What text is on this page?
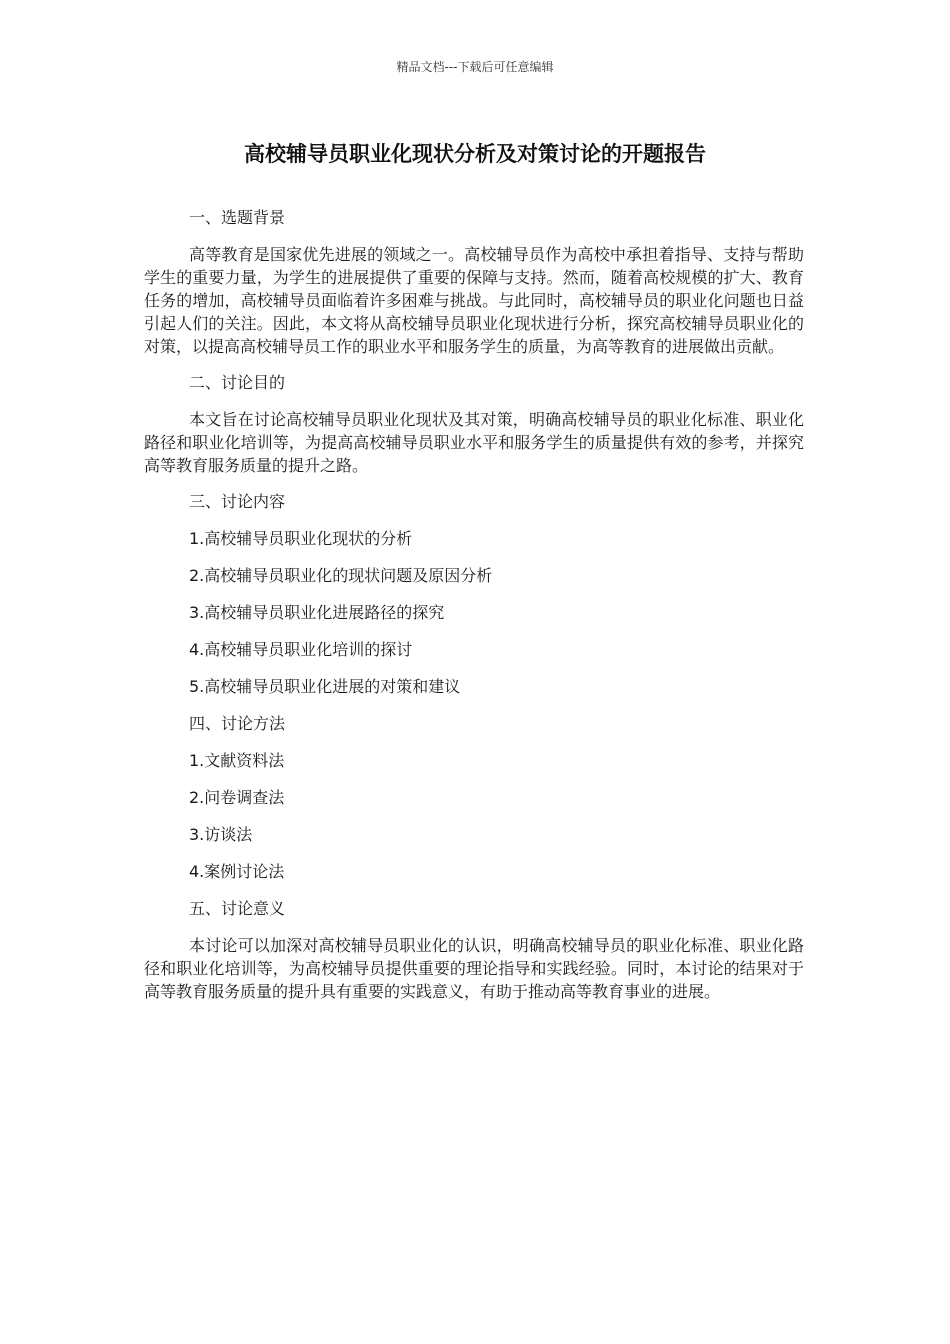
精品文档---下载后可任意编辑
高校辅导员职业化现状分析及对策讨论的开题报告

一、选题背景

高等教育是国家优先进展的领域之一。高校辅导员作为高校中承担着指导、支持与帮助学生的重要力量，为学生的进展提供了重要的保障与支持。然而，随着高校规模的扩大、教育任务的增加，高校辅导员面临着许多困难与挑战。与此同时，高校辅导员的职业化问题也日益引起人们的关注。因此，本文将从高校辅导员职业化现状进行分析，探究高校辅导员职业化的对策，以提高高校辅导员工作的职业水平和服务学生的质量，为高等教育的进展做出贡献。

二、讨论目的

本文旨在讨论高校辅导员职业化现状及其对策，明确高校辅导员的职业化标准、职业化路径和职业化培训等，为提高高校辅导员职业水平和服务学生的质量提供有效的参考，并探究高等教育服务质量的提升之路。

三、讨论内容

1.高校辅导员职业化现状的分析

2.高校辅导员职业化的现状问题及原因分析

3.高校辅导员职业化进展路径的探究

4.高校辅导员职业化培训的探讨

5.高校辅导员职业化进展的对策和建议

四、讨论方法

1.文献资料法

2.问卷调查法

3.访谈法

4.案例讨论法

五、讨论意义

本讨论可以加深对高校辅导员职业化的认识，明确高校辅导员的职业化标准、职业化路径和职业化培训等，为高校辅导员提供重要的理论指导和实践经验。同时，本讨论的结果对于高等教育服务质量的提升具有重要的实践意义，有助于推动高等教育事业的进展。
